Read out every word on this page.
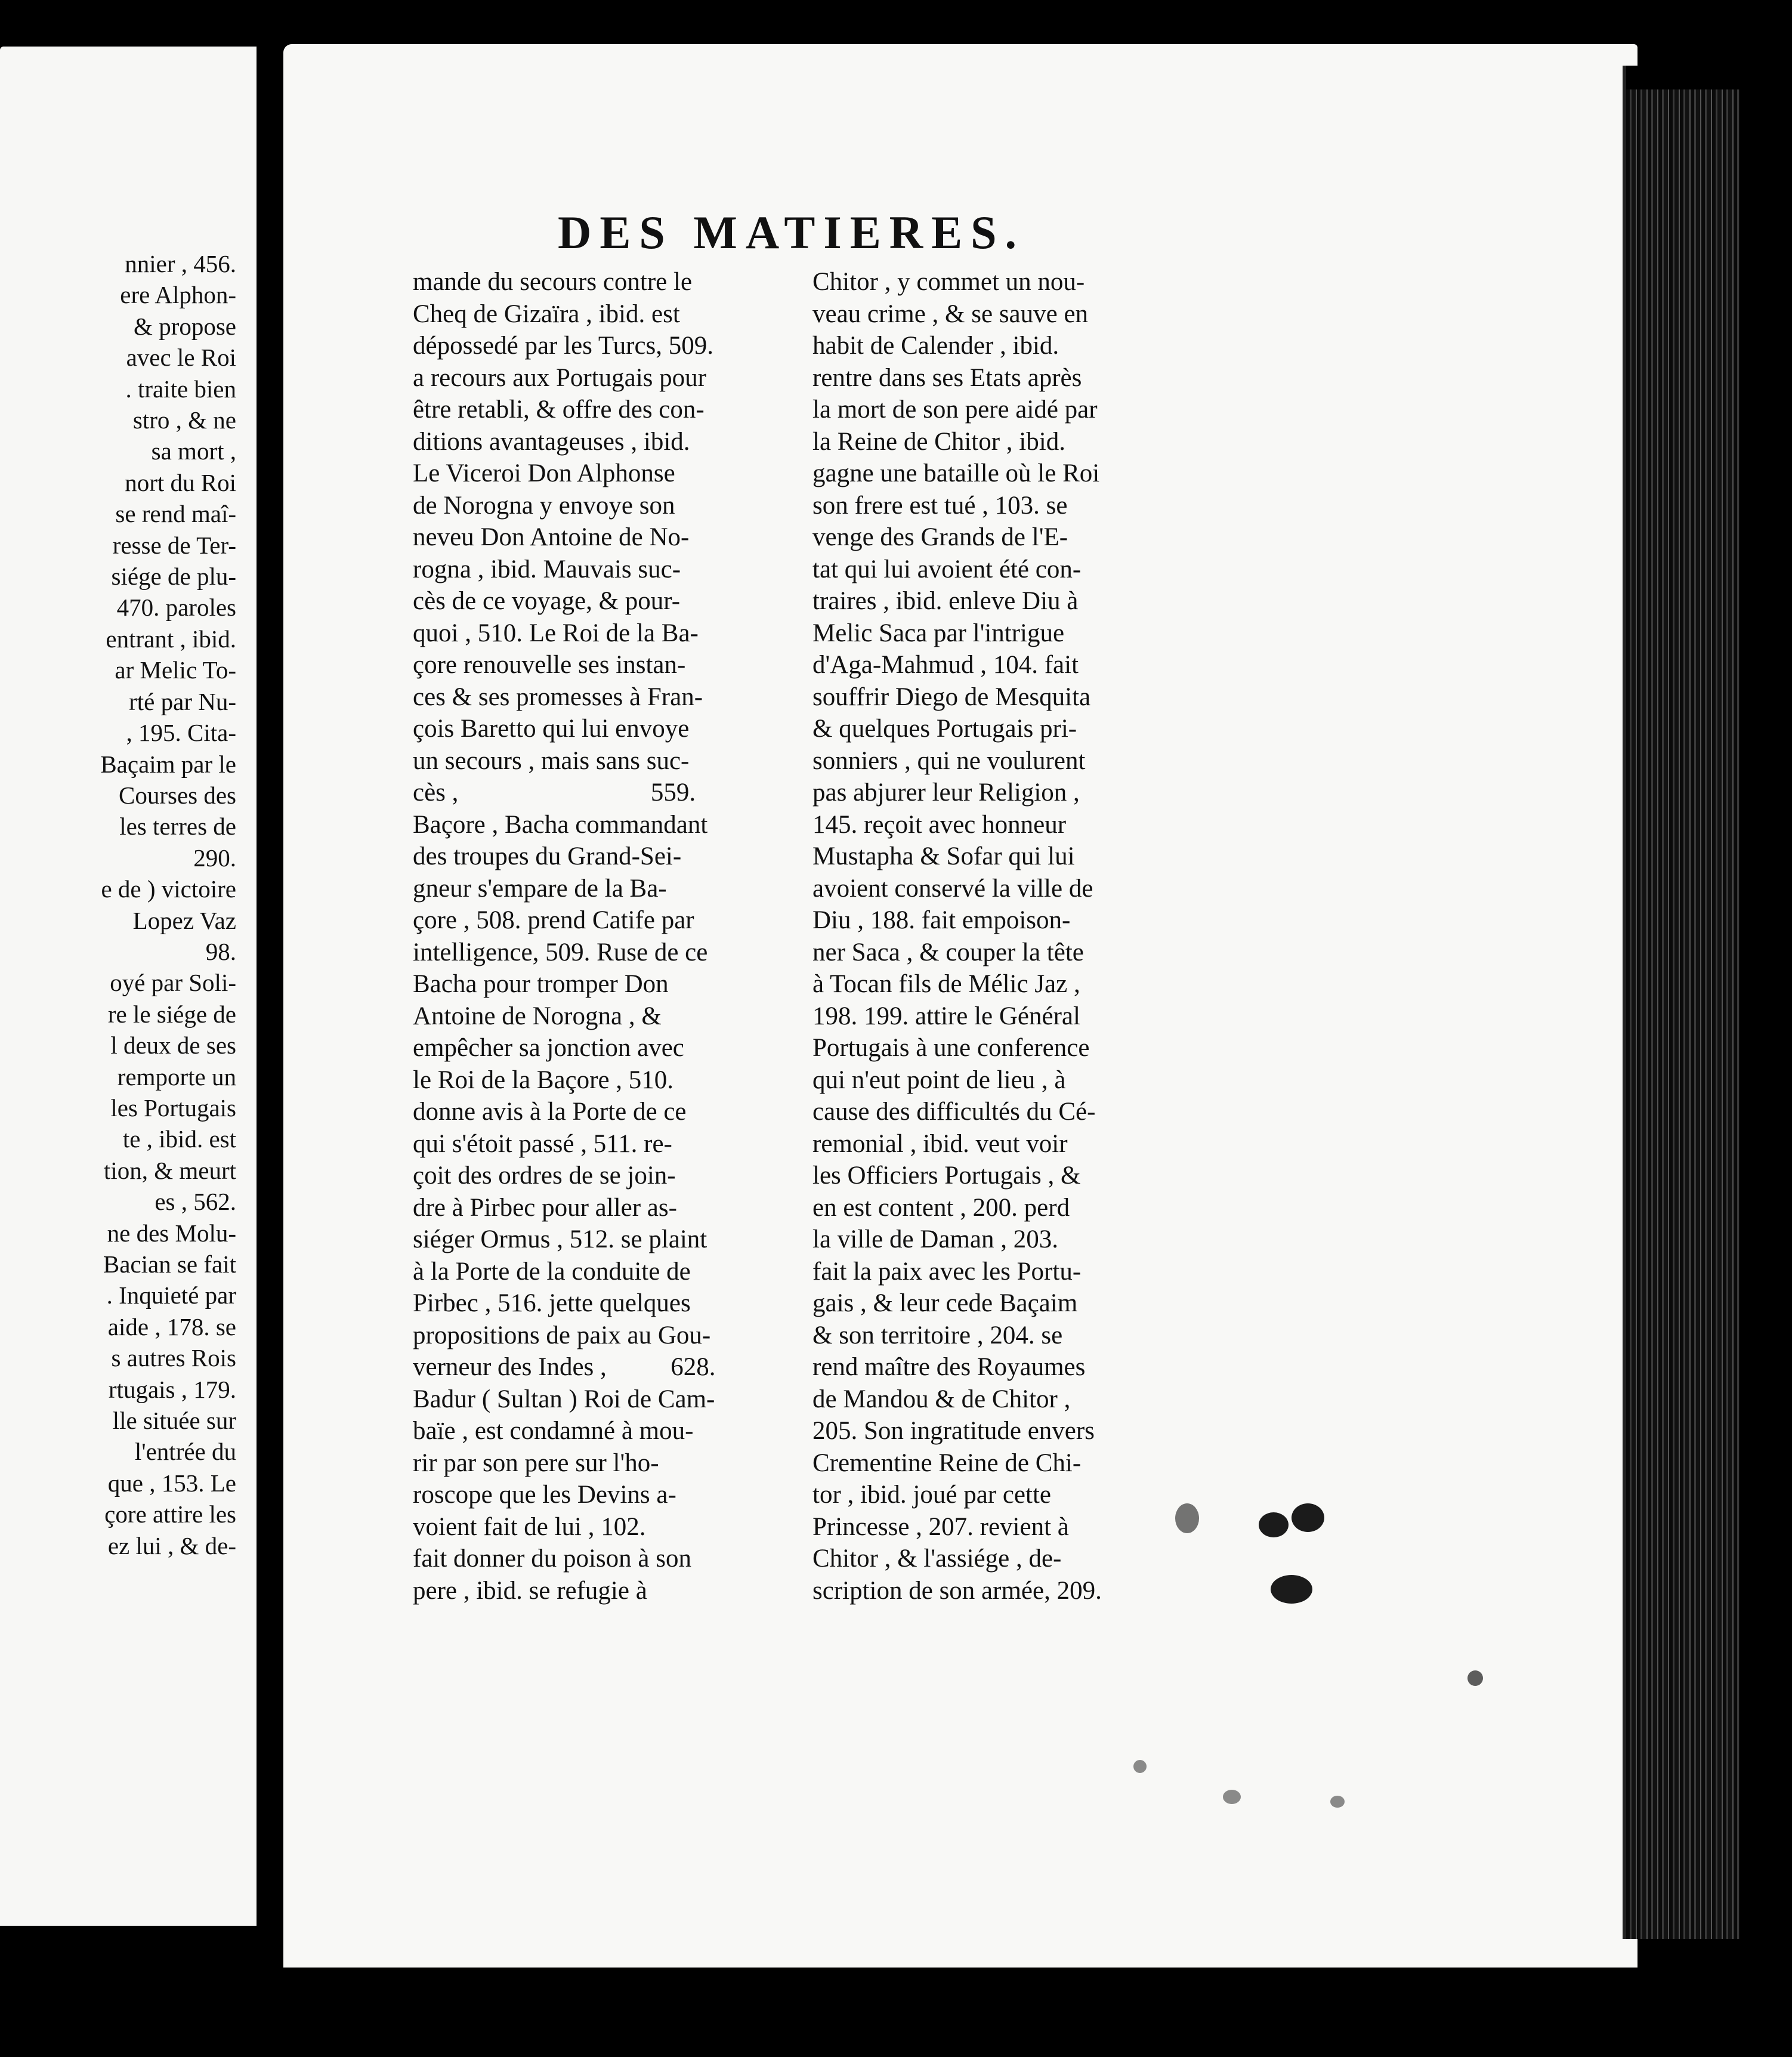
nnier , 456.
ere Alphon-
& propose
avec le Roi
. traite bien
stro , & ne
sa mort ,
nort du Roi
se rend maî-
resse de Ter-
siége de plu-
470. paroles
entrant , ibid.
ar Melic To-
rté par Nu-
, 195. Cita-
Baçaim par le
Courses des
les terres de
290.
e de ) victoire
Lopez Vaz
98.
oyé par Soli-
re le siége de
l deux de ses
remporte un
les Portugais
te , ibid. est
tion, & meurt
es , 562.
ne des Molu-
Bacian se fait
. Inquieté par
aide , 178. se
s autres Rois
rtugais , 179.
lle située sur
l'entrée du
que , 153. Le
çore attire les
ez lui , & de-
DES MATIERES.
mande du secours contre le
Cheq de Gizaïra , ibid. est
dépossedé par les Turcs, 509.
a recours aux Portugais pour
être retabli, & offre des con-
ditions avantageuses , ibid.
Le Viceroi Don Alphonse
de Norogna y envoye son
neveu Don Antoine de No-
rogna , ibid. Mauvais suc-
cès de ce voyage, & pour-
quoi , 510. Le Roi de la Ba-
çore renouvelle ses instan-
ces & ses promesses à Fran-
çois Baretto qui lui envoye
un secours , mais sans suc-
cès ,                              559.
Baçore , Bacha commandant
des troupes du Grand-Sei-
gneur s'empare de la Ba-
çore , 508. prend Catife par
intelligence, 509. Ruse de ce
Bacha pour tromper Don
Antoine de Norogna , &
empêcher sa jonction avec
le Roi de la Baçore , 510.
donne avis à la Porte de ce
qui s'étoit passé , 511. re-
çoit des ordres de se join-
dre à Pirbec pour aller as-
siéger Ormus , 512. se plaint
à la Porte de la conduite de
Pirbec , 516. jette quelques
propositions de paix au Gou-
verneur des Indes ,          628.
Badur ( Sultan ) Roi de Cam-
baïe , est condamné à mou-
rir par son pere sur l'ho-
roscope que les Devins a-
voient fait de lui , 102.
fait donner du poison à son
pere , ibid. se refugie à
Chitor , y commet un nou-
veau crime , & se sauve en
habit de Calender , ibid.
rentre dans ses Etats après
la mort de son pere aidé par
la Reine de Chitor , ibid.
gagne une bataille où le Roi
son frere est tué , 103. se
venge des Grands de l'E-
tat qui lui avoient été con-
traires , ibid. enleve Diu à
Melic Saca par l'intrigue
d'Aga-Mahmud , 104. fait
souffrir Diego de Mesquita
& quelques Portugais pri-
sonniers , qui ne voulurent
pas abjurer leur Religion ,
145. reçoit avec honneur
Mustapha & Sofar qui lui
avoient conservé la ville de
Diu , 188. fait empoison-
ner Saca , & couper la tête
à Tocan fils de Mélic Jaz ,
198. 199. attire le Général
Portugais à une conference
qui n'eut point de lieu , à
cause des difficultés du Cé-
remonial , ibid. veut voir
les Officiers Portugais , &
en est content , 200. perd
la ville de Daman , 203.
fait la paix avec les Portu-
gais , & leur cede Baçaim
& son territoire , 204. se
rend maître des Royaumes
de Mandou & de Chitor ,
205. Son ingratitude envers
Crementine Reine de Chi-
tor , ibid. joué par cette
Princesse , 207. revient à
Chitor , & l'assiége , de-
scription de son armée, 209.
